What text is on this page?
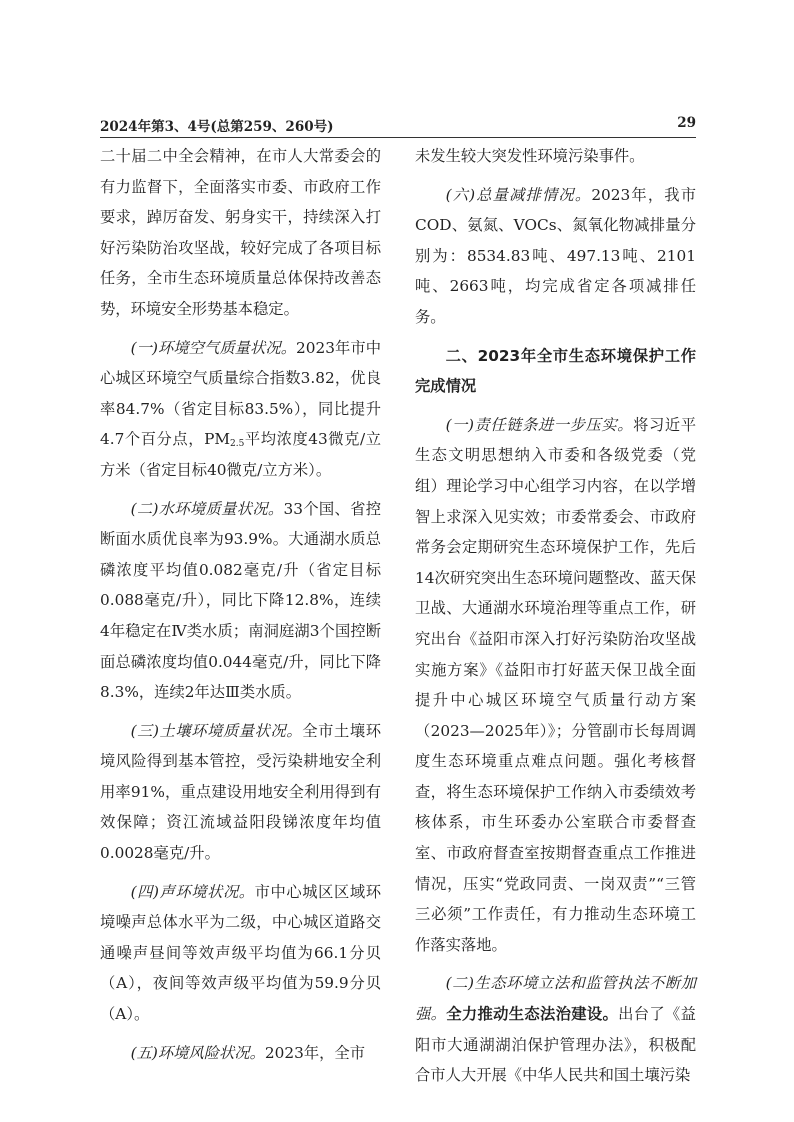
2024年第3、4号(总第259、260号)	29

二十届二中全会精神，在市人大常委会的有力监督下，全面落实市委、市政府工作要求，踔厉奋发、躬身实干，持续深入打好污染防治攻坚战，较好完成了各项目标任务，全市生态环境质量总体保持改善态势，环境安全形势基本稳定。

(一)环境空气质量状况。2023年市中心城区环境空气质量综合指数3.82，优良率84.7%（省定目标83.5%），同比提升4.7个百分点，$PM_{2.5}$平均浓度43微克/立方米（省定目标40微克/立方米）。

(二)水环境质量状况。33个国、省控断面水质优良率为93.9%。大通湖水质总磷浓度平均值0.082毫克/升（省定目标0.088毫克/升），同比下降12.8%，连续4年稳定在Ⅳ类水质；南洞庭湖3个国控断面总磷浓度均值0.044毫克/升，同比下降8.3%，连续2年达Ⅲ类水质。

(三)土壤环境质量状况。全市土壤环境风险得到基本管控，受污染耕地安全利用率91%，重点建设用地安全利用得到有效保障；资江流域益阳段锑浓度年均值0.0028毫克/升。

(四)声环境状况。市中心城区区域环境噪声总体水平为二级，中心城区道路交通噪声昼间等效声级平均值为66.1分贝（A），夜间等效声级平均值为59.9分贝（A）。

(五)环境风险状况。2023年，全市

未发生较大突发性环境污染事件。

(六)总量减排情况。2023年，我市COD、氨氮、VOCs、氮氧化物减排量分别为：8534.83吨、497.13吨、2101吨、2663吨，均完成省定各项减排任务。

二、2023年全市生态环境保护工作完成情况

(一)责任链条进一步压实。将习近平生态文明思想纳入市委和各级党委（党组）理论学习中心组学习内容，在以学增智上求深入见实效；市委常委会、市政府常务会定期研究生态环境保护工作，先后14次研究突出生态环境问题整改、蓝天保卫战、大通湖水环境治理等重点工作，研究出台《益阳市深入打好污染防治攻坚战实施方案》《益阳市打好蓝天保卫战全面提升中心城区环境空气质量行动方案（2023—2025年）》；分管副市长每周调度生态环境重点难点问题。强化考核督查，将生态环境保护工作纳入市委绩效考核体系，市生环委办公室联合市委督查室、市政府督查室按期督查重点工作推进情况，压实“党政同责、一岗双责”“三管三必须”工作责任，有力推动生态环境工作落实落地。

(二)生态环境立法和监管执法不断加强。全力推动生态法治建设。出台了《益阳市大通湖湖泊保护管理办法》，积极配合市人大开展《中华人民共和国土壤污染
